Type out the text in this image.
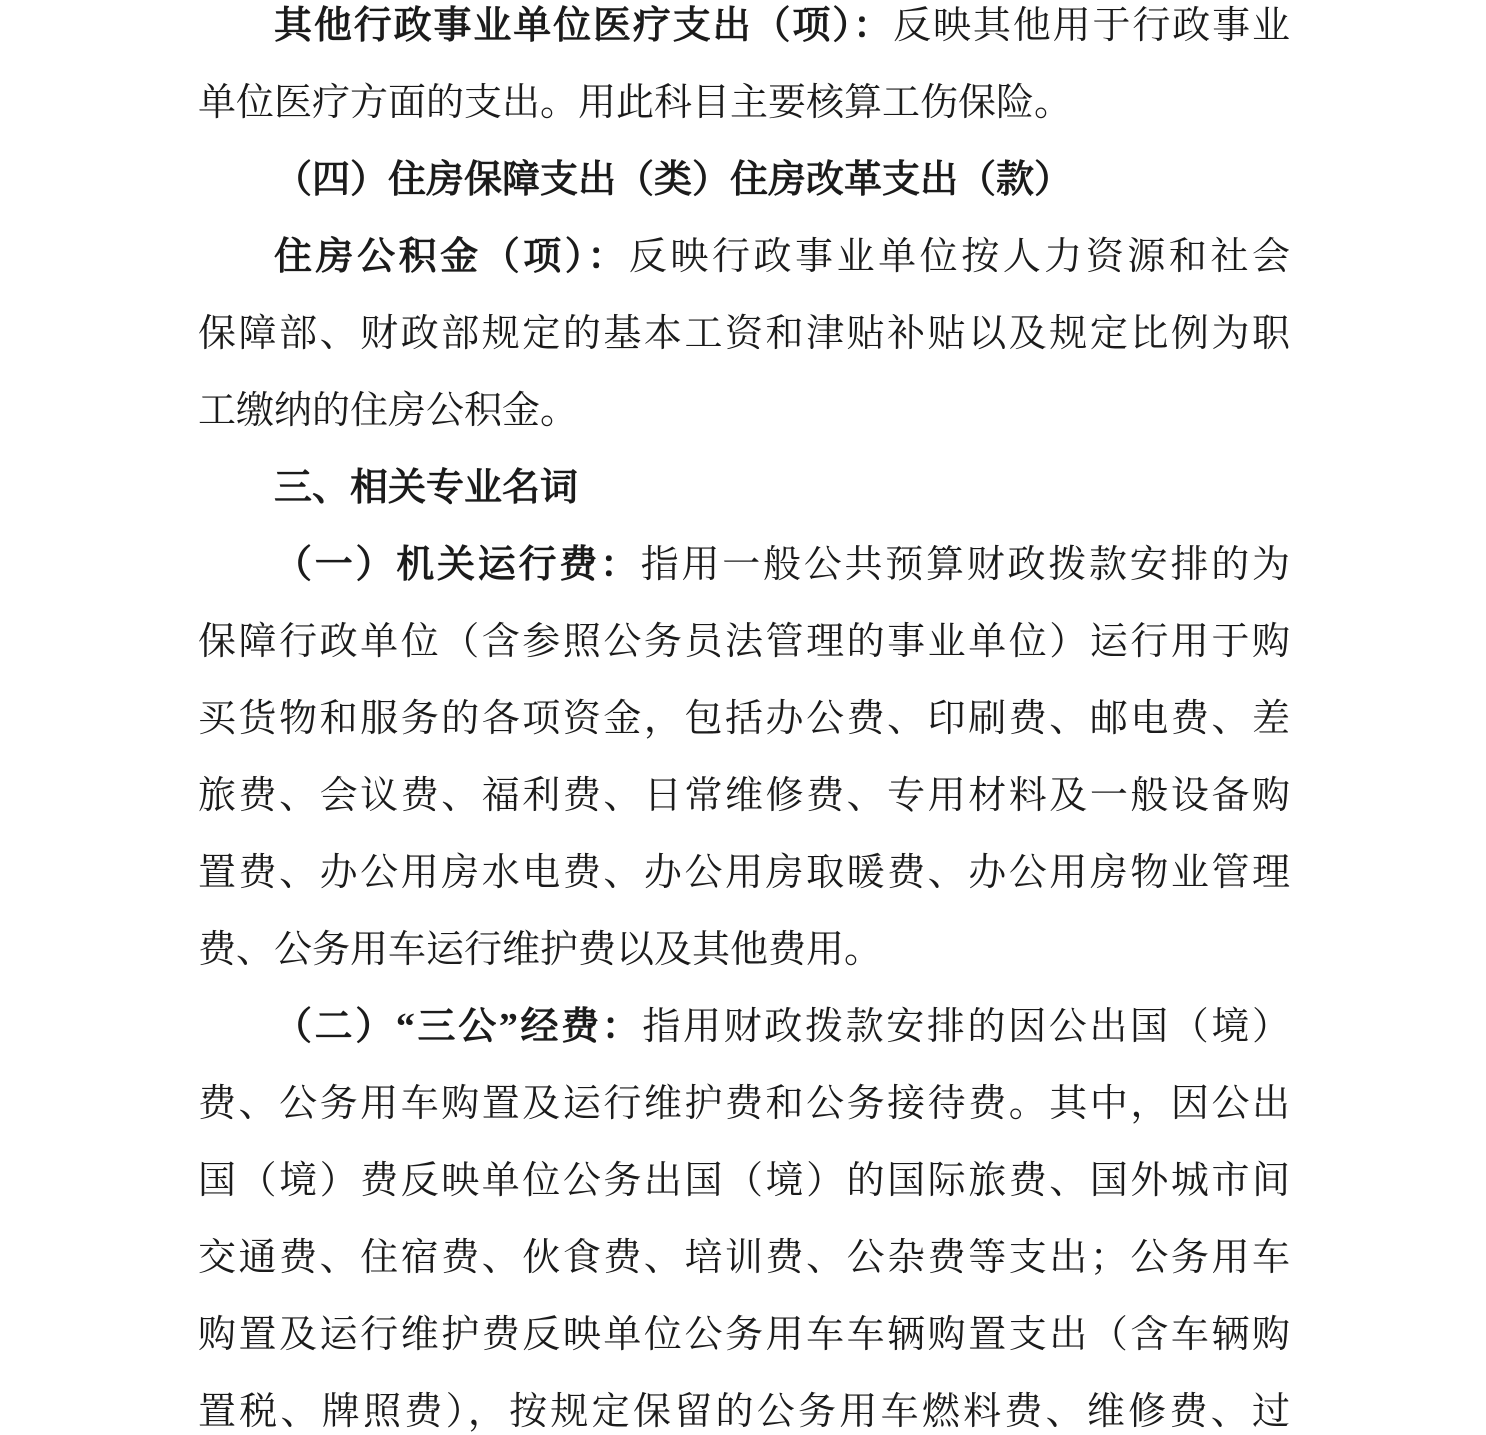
其他行政事业单位医疗支出（项）：反映其他用于行政事业
单位医疗方面的支出。用此科目主要核算工伤保险。
（四）住房保障支出（类）住房改革支出（款）
住房公积金（项）：反映行政事业单位按人力资源和社会
保障部、财政部规定的基本工资和津贴补贴以及规定比例为职
工缴纳的住房公积金。
三、相关专业名词
（一）机关运行费：指用一般公共预算财政拨款安排的为
保障行政单位（含参照公务员法管理的事业单位）运行用于购
买货物和服务的各项资金，包括办公费、印刷费、邮电费、差
旅费、会议费、福利费、日常维修费、专用材料及一般设备购
置费、办公用房水电费、办公用房取暖费、办公用房物业管理
费、公务用车运行维护费以及其他费用。
（二）“三公”经费：指用财政拨款安排的因公出国（境）
费、公务用车购置及运行维护费和公务接待费。其中，因公出
国（境）费反映单位公务出国（境）的国际旅费、国外城市间
交通费、住宿费、伙食费、培训费、公杂费等支出；公务用车
购置及运行维护费反映单位公务用车车辆购置支出（含车辆购
置税、牌照费），按规定保留的公务用车燃料费、维修费、过
